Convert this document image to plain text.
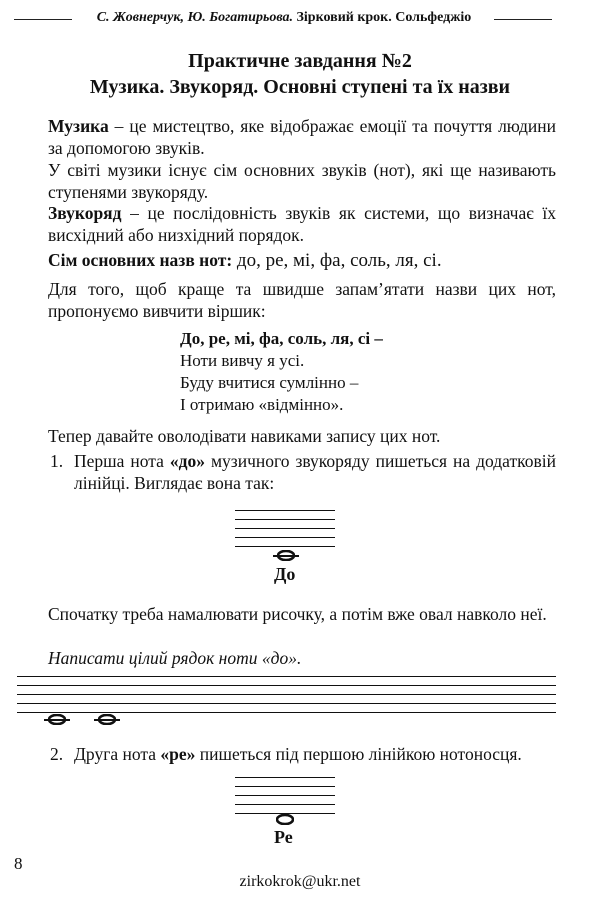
С. Жовнерчук, Ю. Богатирьова. Зірковий крок. Сольфеджіо
Практичне завдання №2
Музика. Звукоряд. Основні ступені та їх назви
Музика – це мистецтво, яке відображає емоції та почуття людини за допомогою звуків.
У світі музики існує сім основних звуків (нот), які ще називають ступенями звукоряду.
Звукоряд – це послідовність звуків як системи, що визначає їх висхідний або низхідний порядок.
Сім основних назв нот: до, ре, мі, фа, соль, ля, сі.
Для того, щоб краще та швидше запам’ятати назви цих нот, пропонуємо вивчити віршик:
До, ре, мі, фа, соль, ля, сі –
Ноти вивчу я усі.
Буду вчитися сумлінно –
І отримаю «відмінно».
Тепер давайте оволодівати навиками запису цих нот.
1. Перша нота «до» музичного звукоряду пишеться на додатковій лінійці. Виглядає вона так:
До
Спочатку треба намалювати рисочку, а потім вже овал навколо неї.
Написати цілий рядок ноти «до».
2. Друга нота «ре» пишеться під першою лінійкою нотоносця.
Ре
8
zirkokrok@ukr.net
